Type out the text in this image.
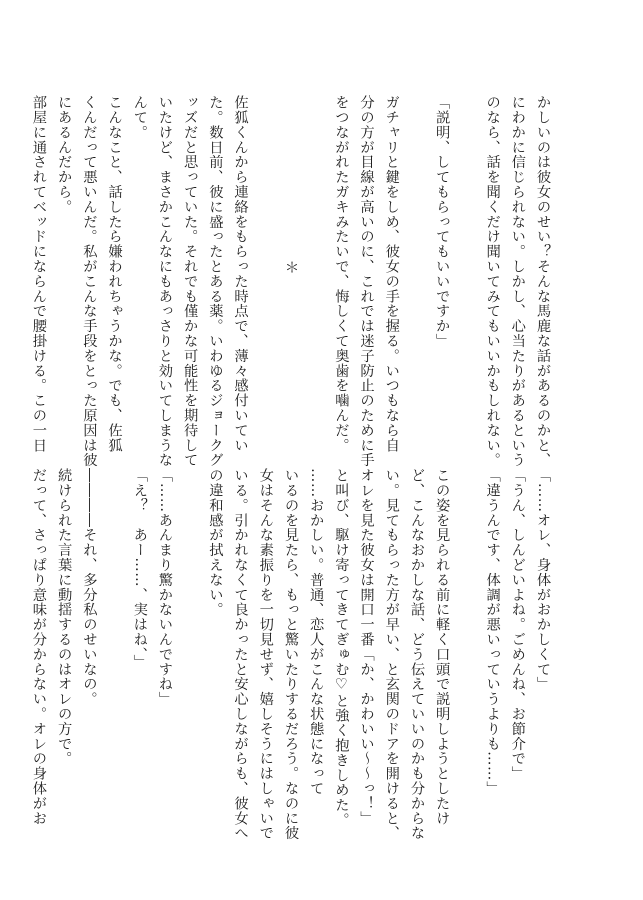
かしいのは彼女のせい？そんな馬鹿な話があるのかと、
にわかに信じられない。しかし、心当たりがあるという
のなら、話を聞くだけ聞いてみてもいいかもしれない。

「説明、してもらってもいいですか」

ガチャリと鍵をしめ、彼女の手を握る。いつもなら自
分の方が目線が高いのに、これでは迷子防止のために手
をつながれたガキみたいで、悔しくて奥歯を噛んだ。

＊

佐狐くんから連絡をもらった時点で、薄々感付いてい
た。数日前、彼に盛ったとある薬。いわゆるジョークグ
ッズだと思っていた。それでも僅かな可能性を期待して
いたけど、まさかこんなにもあっさりと効いてしまうな
んて。
こんなこと、話したら嫌われちゃうかな。でも、佐狐
くんだって悪いんだ。私がこんな手段をとった原因は彼
にあるんだから。
部屋に通されてベッドにならんで腰掛ける。この一日
「……オレ、身体がおかしくて」
「うん、しんどいよね。ごめんね、お節介で」
「違うんです、体調が悪いっていうよりも……」

この姿を見られる前に軽く口頭で説明しようとしたけ
ど、こんなおかしな話、どう伝えていいのかも分からな
い。見てもらった方が早い、と玄関のドアを開けると、
オレを見た彼女は開口一番「か、かわいい〜〜っ！」
と叫び、駆け寄ってきてぎゅむ♡と強く抱きしめた。
……おかしい。普通、恋人がこんな状態になって
いるのを見たら、もっと驚いたりするだろう。なのに彼
女はそんな素振りを一切見せず、嬉しそうにはしゃいで
いる。引かれなくて良かったと安心しながらも、彼女へ
の違和感が拭えない。

「……あんまり驚かないんですね」
「え？　あー……、実はね、」

――――それ、多分私のせいなの。
続けられた言葉に動揺するのはオレの方で。
だって、さっぱり意味が分からない。オレの身体がお
